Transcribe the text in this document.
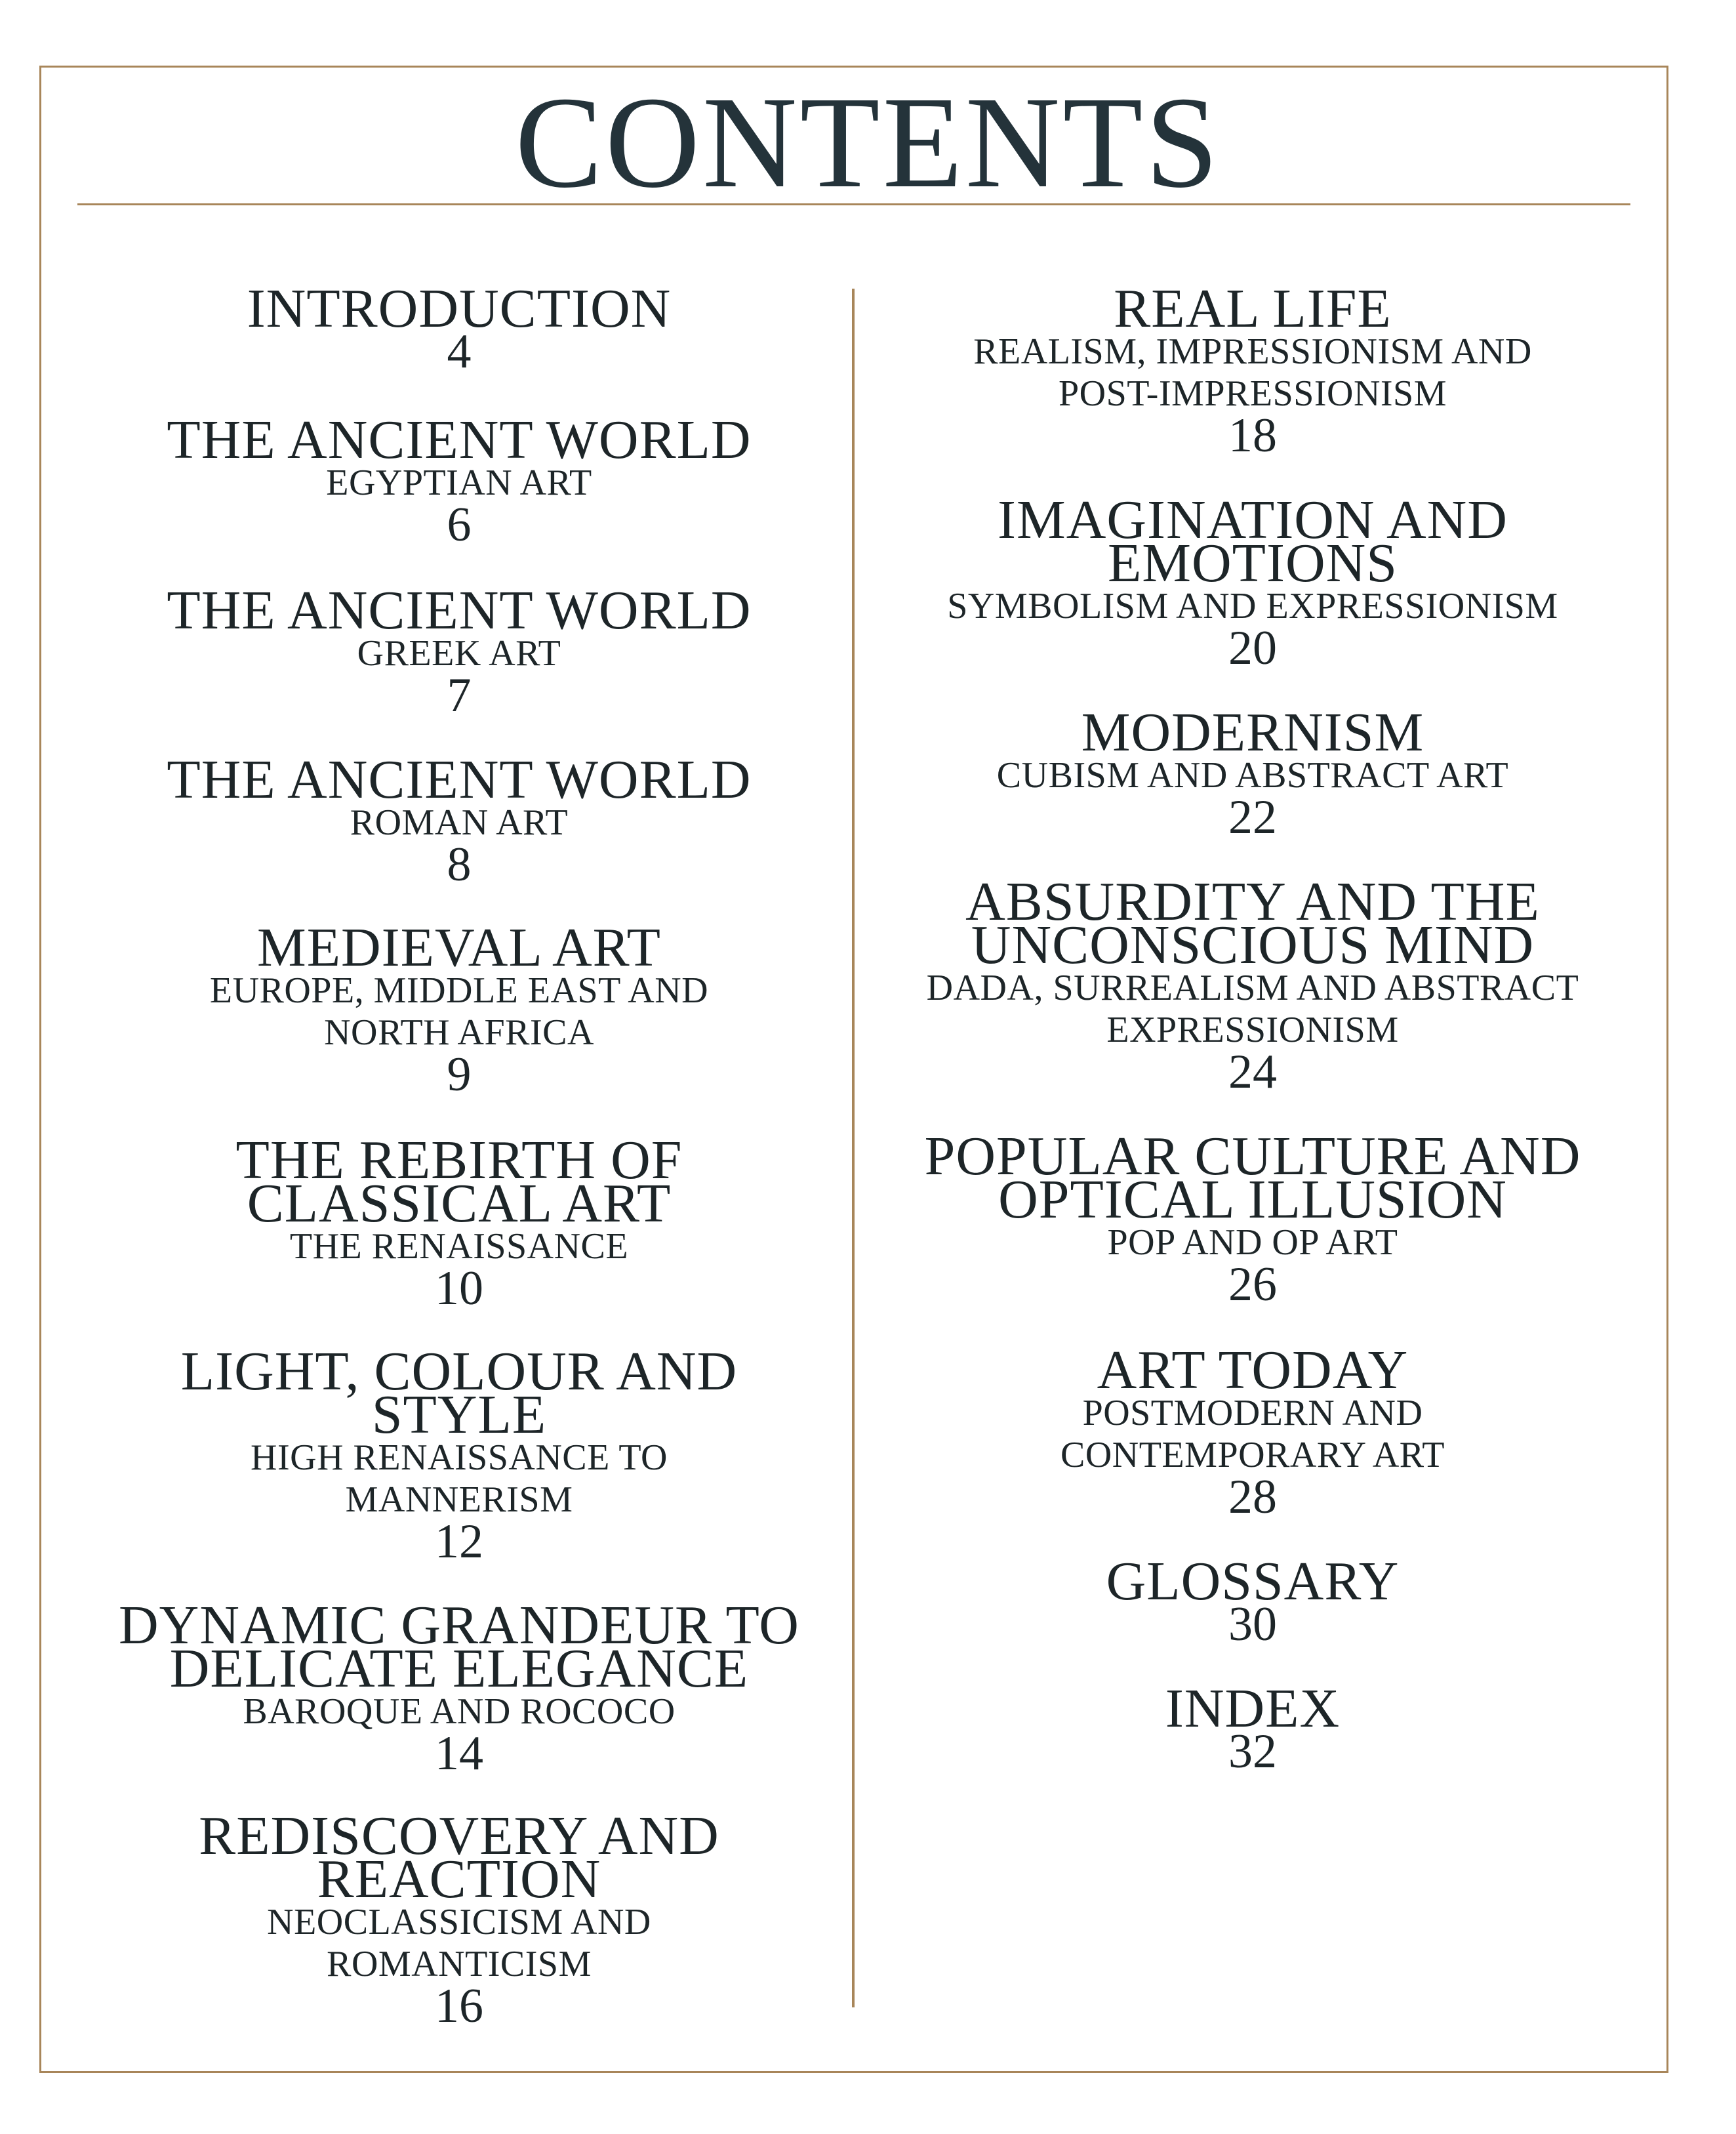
CONTENTS
INTRODUCTION
4
THE ANCIENT WORLD
EGYPTIAN ART
6
THE ANCIENT WORLD
GREEK ART
7
THE ANCIENT WORLD
ROMAN ART
8
MEDIEVAL ART
EUROPE, MIDDLE EAST AND
NORTH AFRICA
9
THE REBIRTH OF
CLASSICAL ART
THE RENAISSANCE
10
LIGHT, COLOUR AND
STYLE
HIGH RENAISSANCE TO
MANNERISM
12
DYNAMIC GRANDEUR TO
DELICATE ELEGANCE
BAROQUE AND ROCOCO
14
REDISCOVERY AND
REACTION
NEOCLASSICISM AND
ROMANTICISM
16
REAL LIFE
REALISM, IMPRESSIONISM AND
POST-IMPRESSIONISM
18
IMAGINATION AND
EMOTIONS
SYMBOLISM AND EXPRESSIONISM
20
MODERNISM
CUBISM AND ABSTRACT ART
22
ABSURDITY AND THE
UNCONSCIOUS MIND
DADA, SURREALISM AND ABSTRACT
EXPRESSIONISM
24
POPULAR CULTURE AND
OPTICAL ILLUSION
POP AND OP ART
26
ART TODAY
POSTMODERN AND
CONTEMPORARY ART
28
GLOSSARY
30
INDEX
32
